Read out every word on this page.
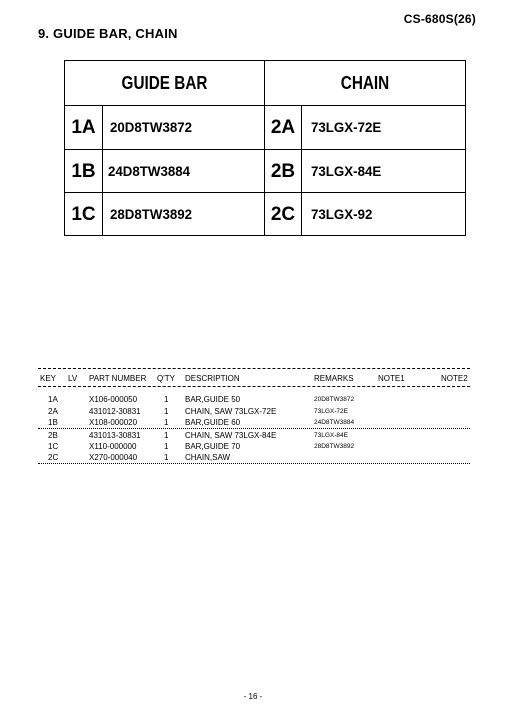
CS-680S(26)
9. GUIDE BAR, CHAIN
GUIDE BAR	CHAIN
1A	20D8TW3872	2A	73LGX-72E
1B 24D8TW3884	2B	73LGX-84E
1C	28D8TW3892	2C	73LGX-92
KEY LV PART NUMBER Q'TY DESCRIPTION	REMARKS	NOTE1	NOTE2
1A	X106-000050	1 BAR,GUIDE 50	20D8TW3872
2A	431012-30831	1 CHAIN, SAW 73LGX-72E	73LGX-72E
1B	X108-000020	1 BAR,GUIDE 60	24D8TW3884
2B	431013-30831	1 CHAIN, SAW 73LGX-84E	73LGX-84E
1C	X110-000000	1 BAR,GUIDE 70	28D8TW3892
2C	X270-000040	1 CHAIN,SAW
- 16 -
